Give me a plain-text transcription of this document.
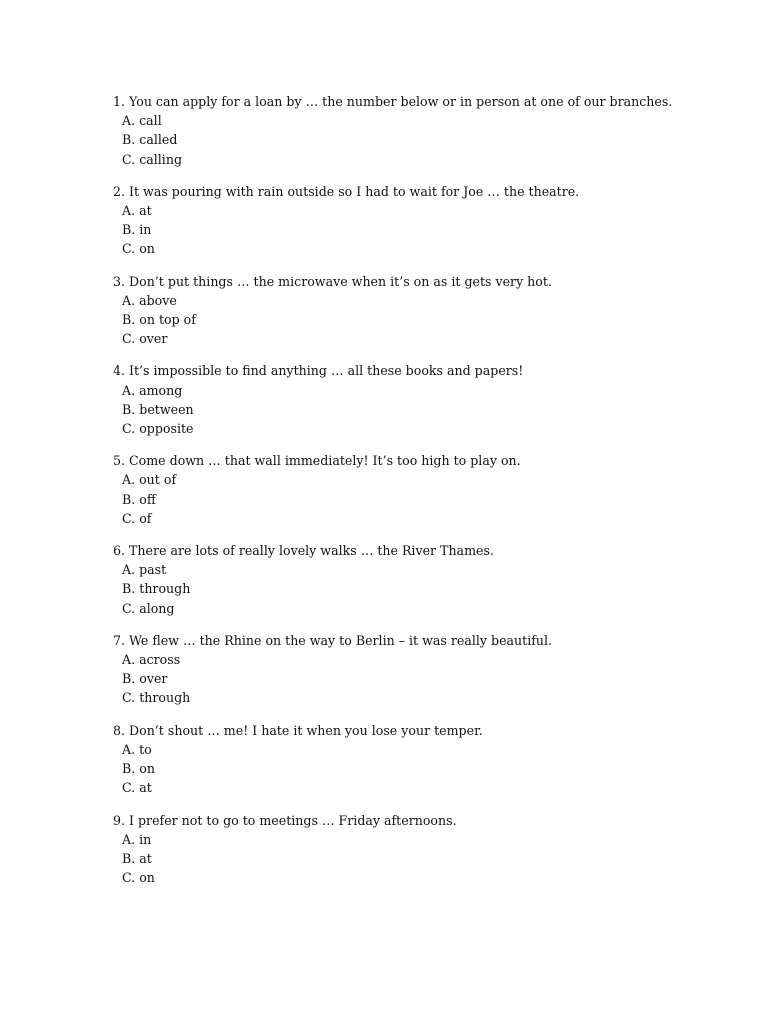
1. You can apply for a loan by … the number below or in person at one of our branches.
A. call
B. called
C. calling
2. It was pouring with rain outside so I had to wait for Joe … the theatre.
A. at
B. in
C. on
3. Don’t put things … the microwave when it’s on as it gets very hot.
A. above
B. on top of
C. over
4. It’s impossible to find anything … all these books and papers!
A. among
B. between
C. opposite
5. Come down … that wall immediately! It’s too high to play on.
A. out of
B. off
C. of
6. There are lots of really lovely walks … the River Thames.
A. past
B. through
C. along
7. We flew … the Rhine on the way to Berlin – it was really beautiful.
A. across
B. over
C. through
8. Don’t shout … me! I hate it when you lose your temper.
A. to
B. on
C. at
9. I prefer not to go to meetings … Friday afternoons.
A. in
B. at
C. on
